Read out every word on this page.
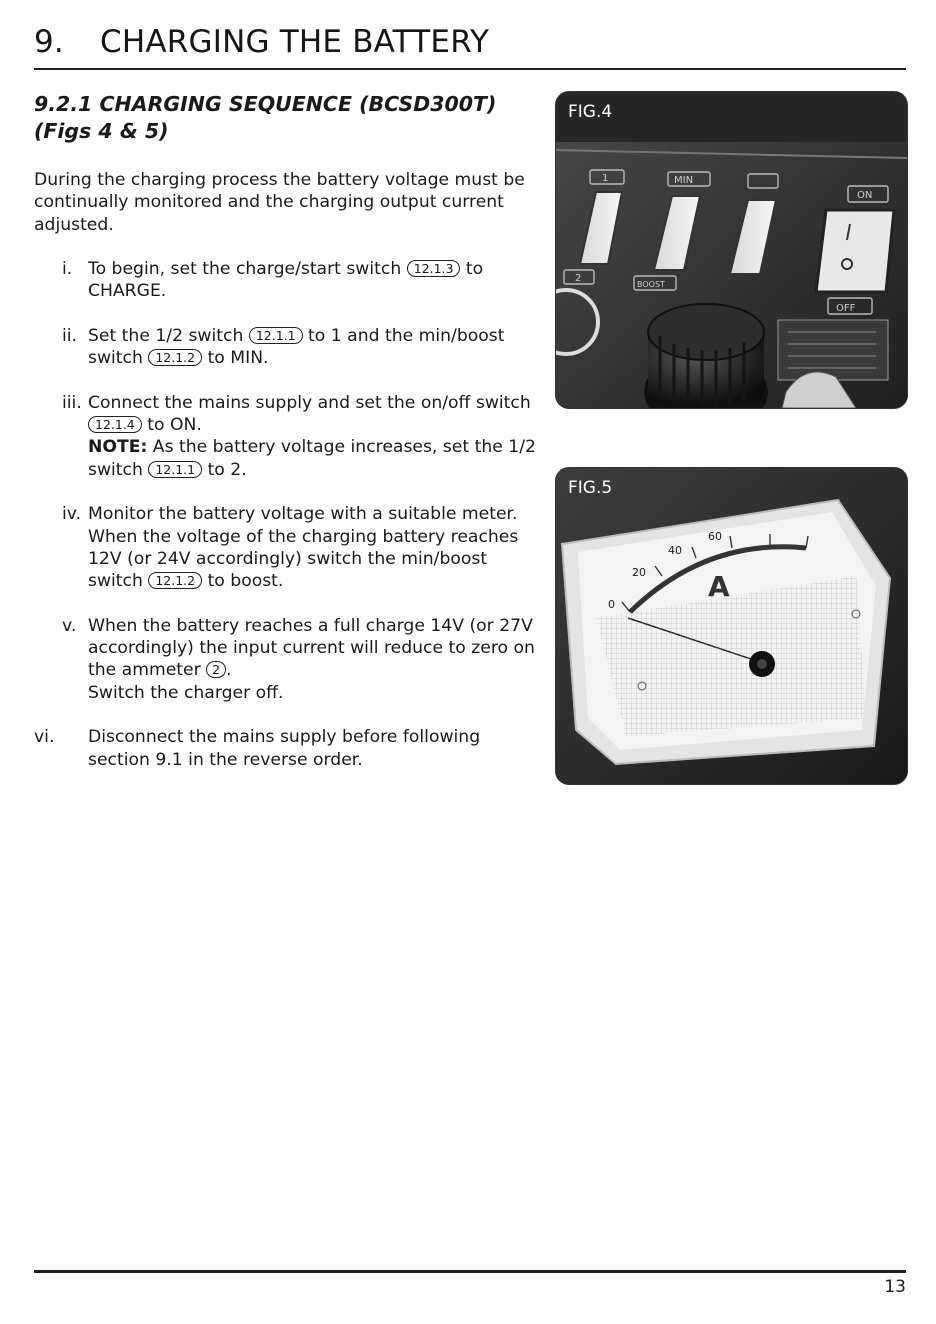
9. CHARGING THE BATTERY
9.2.1 CHARGING SEQUENCE (BCSD300T)
(Figs 4 & 5)
During the charging process the battery voltage must be continually monitored and the charging output current adjusted.
i. To begin, set the charge/start switch 12.1.3 to CHARGE.
ii. Set the 1/2 switch 12.1.1 to 1 and the min/boost switch 12.1.2 to MIN.
iii. Connect the mains supply and set the on/off switch 12.1.4 to ON.
NOTE: As the battery voltage increases, set the 1/2 switch 12.1.1 to 2.
iv. Monitor the battery voltage with a suitable meter. When the voltage of the charging battery reaches 12V (or 24V accordingly) switch the min/boost switch 12.1.2 to boost.
v. When the battery reaches a full charge 14V (or 27V accordingly) the input current will reduce to zero on the ammeter 2 .
Switch the charger off.
vi. Disconnect the mains supply before following section 9.1 in the reverse order.
FIG.4
1	MIN
ON
2
BOOST
OFF
FIG.5
0
20
40
60
A
13
